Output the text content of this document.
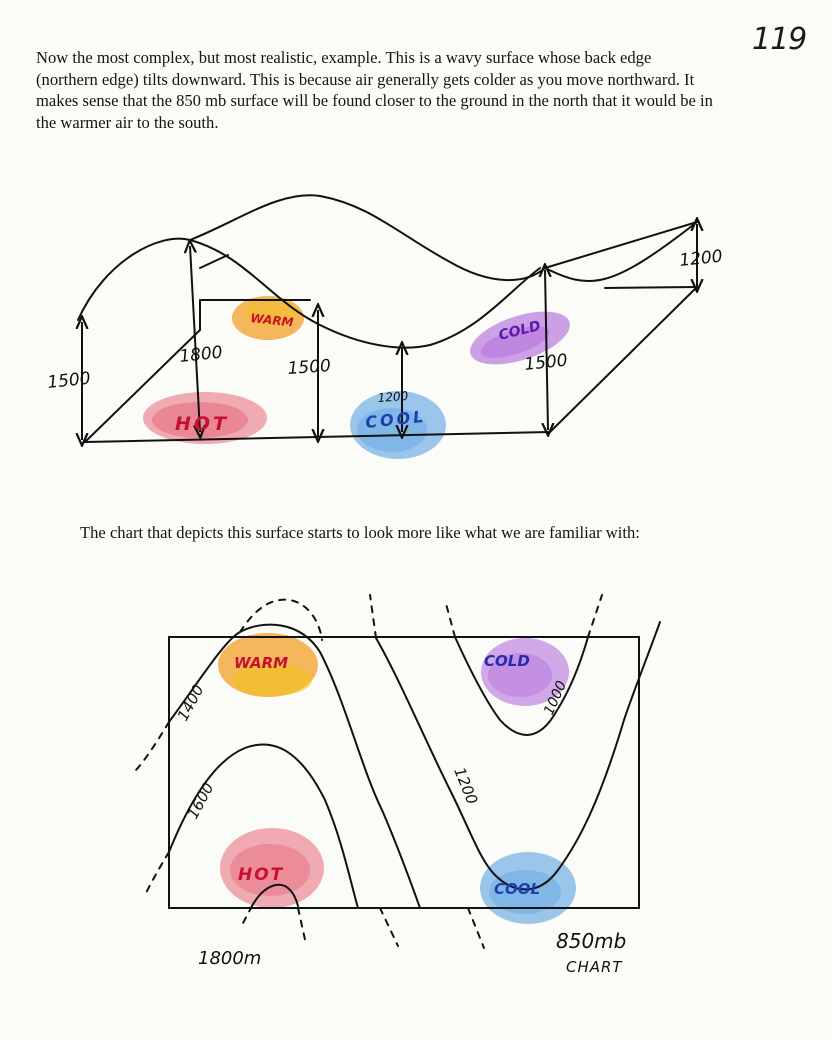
119

Now the most complex, but most realistic, example. This is a wavy surface whose back edge (northern edge) tilts downward. This is because air generally gets colder as you move northward. It makes sense that the 850 mb surface will be found closer to the ground in the north that it would be in the warmer air to the south.

1500
1800
1500
1200
1500
1200
HOT
WARM
COOL
COLD

The chart that depicts this surface starts to look more like what we are familiar with:

1400
1600	1200
1000
1800m
WARM	COLD
HOT
COOL
850mb
CHART
